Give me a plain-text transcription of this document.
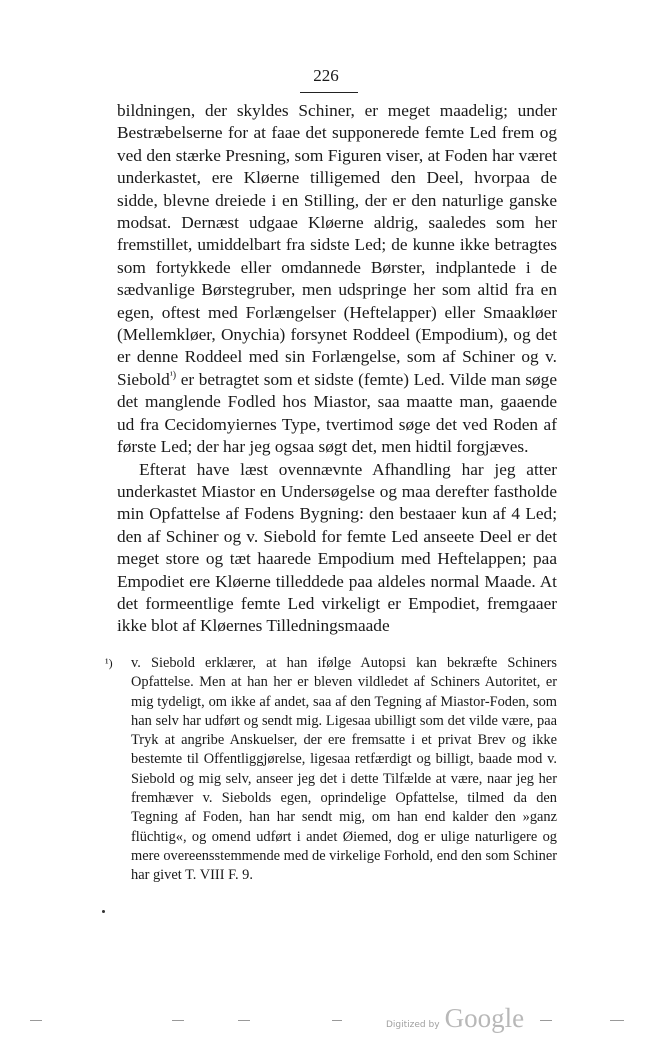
226

bildningen, der skyldes Schiner, er meget maadelig; under Bestræbelserne for at faae det supponerede femte Led frem og ved den stærke Presning, som Figuren viser, at Foden har været underkastet, ere Kløerne tilligemed den Deel, hvorpaa de sidde, blevne dreiede i en Stilling, der er den naturlige ganske modsat. Dernæst udgaae Kløerne aldrig, saaledes som her fremstillet, umiddelbart fra sidste Led; de kunne ikke betragtes som fortykkede eller omdannede Børster, indplantede i de sædvanlige Børstegruber, men udspringe her som altid fra en egen, oftest med Forlængelser (Heftelapper) eller Smaakløer (Mellemkløer, Onychia) forsynet Roddeel (Empodium), og det er denne Roddeel med sin Forlængelse, som af Schiner og v. Siebold$^{^1)}$ er betragtet som et sidste (femte) Led. Vilde man søge det manglende Fodled hos Miastor, saa maatte man, gaaende ud fra Cecidomyiernes Type, tvertimod søge det ved Roden af første Led; der har jeg ogsaa søgt det, men hidtil forgjæves.

Efterat have læst ovennævnte Afhandling har jeg atter underkastet Miastor en Undersøgelse og maa derefter fastholde min Opfattelse af Fodens Bygning: den bestaaer kun af 4 Led; den af Schiner og v. Siebold for femte Led anseete Deel er det meget store og tæt haarede Empodium med Heftelappen; paa Empodiet ere Kløerne tilleddede paa aldeles normal Maade. At det formeentlige femte Led virkeligt er Empodiet, fremgaaer ikke blot af Kløernes Tilledningsmaade

¹) v. Siebold erklærer, at han ifølge Autopsi kan bekræfte Schiners Opfattelse. Men at han her er bleven vildledet af Schiners Autoritet, er mig tydeligt, om ikke af andet, saa af den Tegning af Miastor-Foden, som han selv har udført og sendt mig. Ligesaa ubilligt som det vilde være, paa Tryk at angribe Anskuelser, der ere fremsatte i et privat Brev og ikke bestemte til Offentliggjørelse, ligesaa retfærdigt og billigt, baade mod v. Siebold og mig selv, anseer jeg det i dette Tilfælde at være, naar jeg her fremhæver v. Siebolds egen, oprindelige Opfattelse, tilmed da den Tegning af Foden, han har sendt mig, om han end kalder den »ganz flüchtig«, og omend udført i andet Øiemed, dog er ulige naturligere og mere overeensstemmende med de virkelige Forhold, end den som Schiner har givet T. VIII F. 9.

Digitized by Google
